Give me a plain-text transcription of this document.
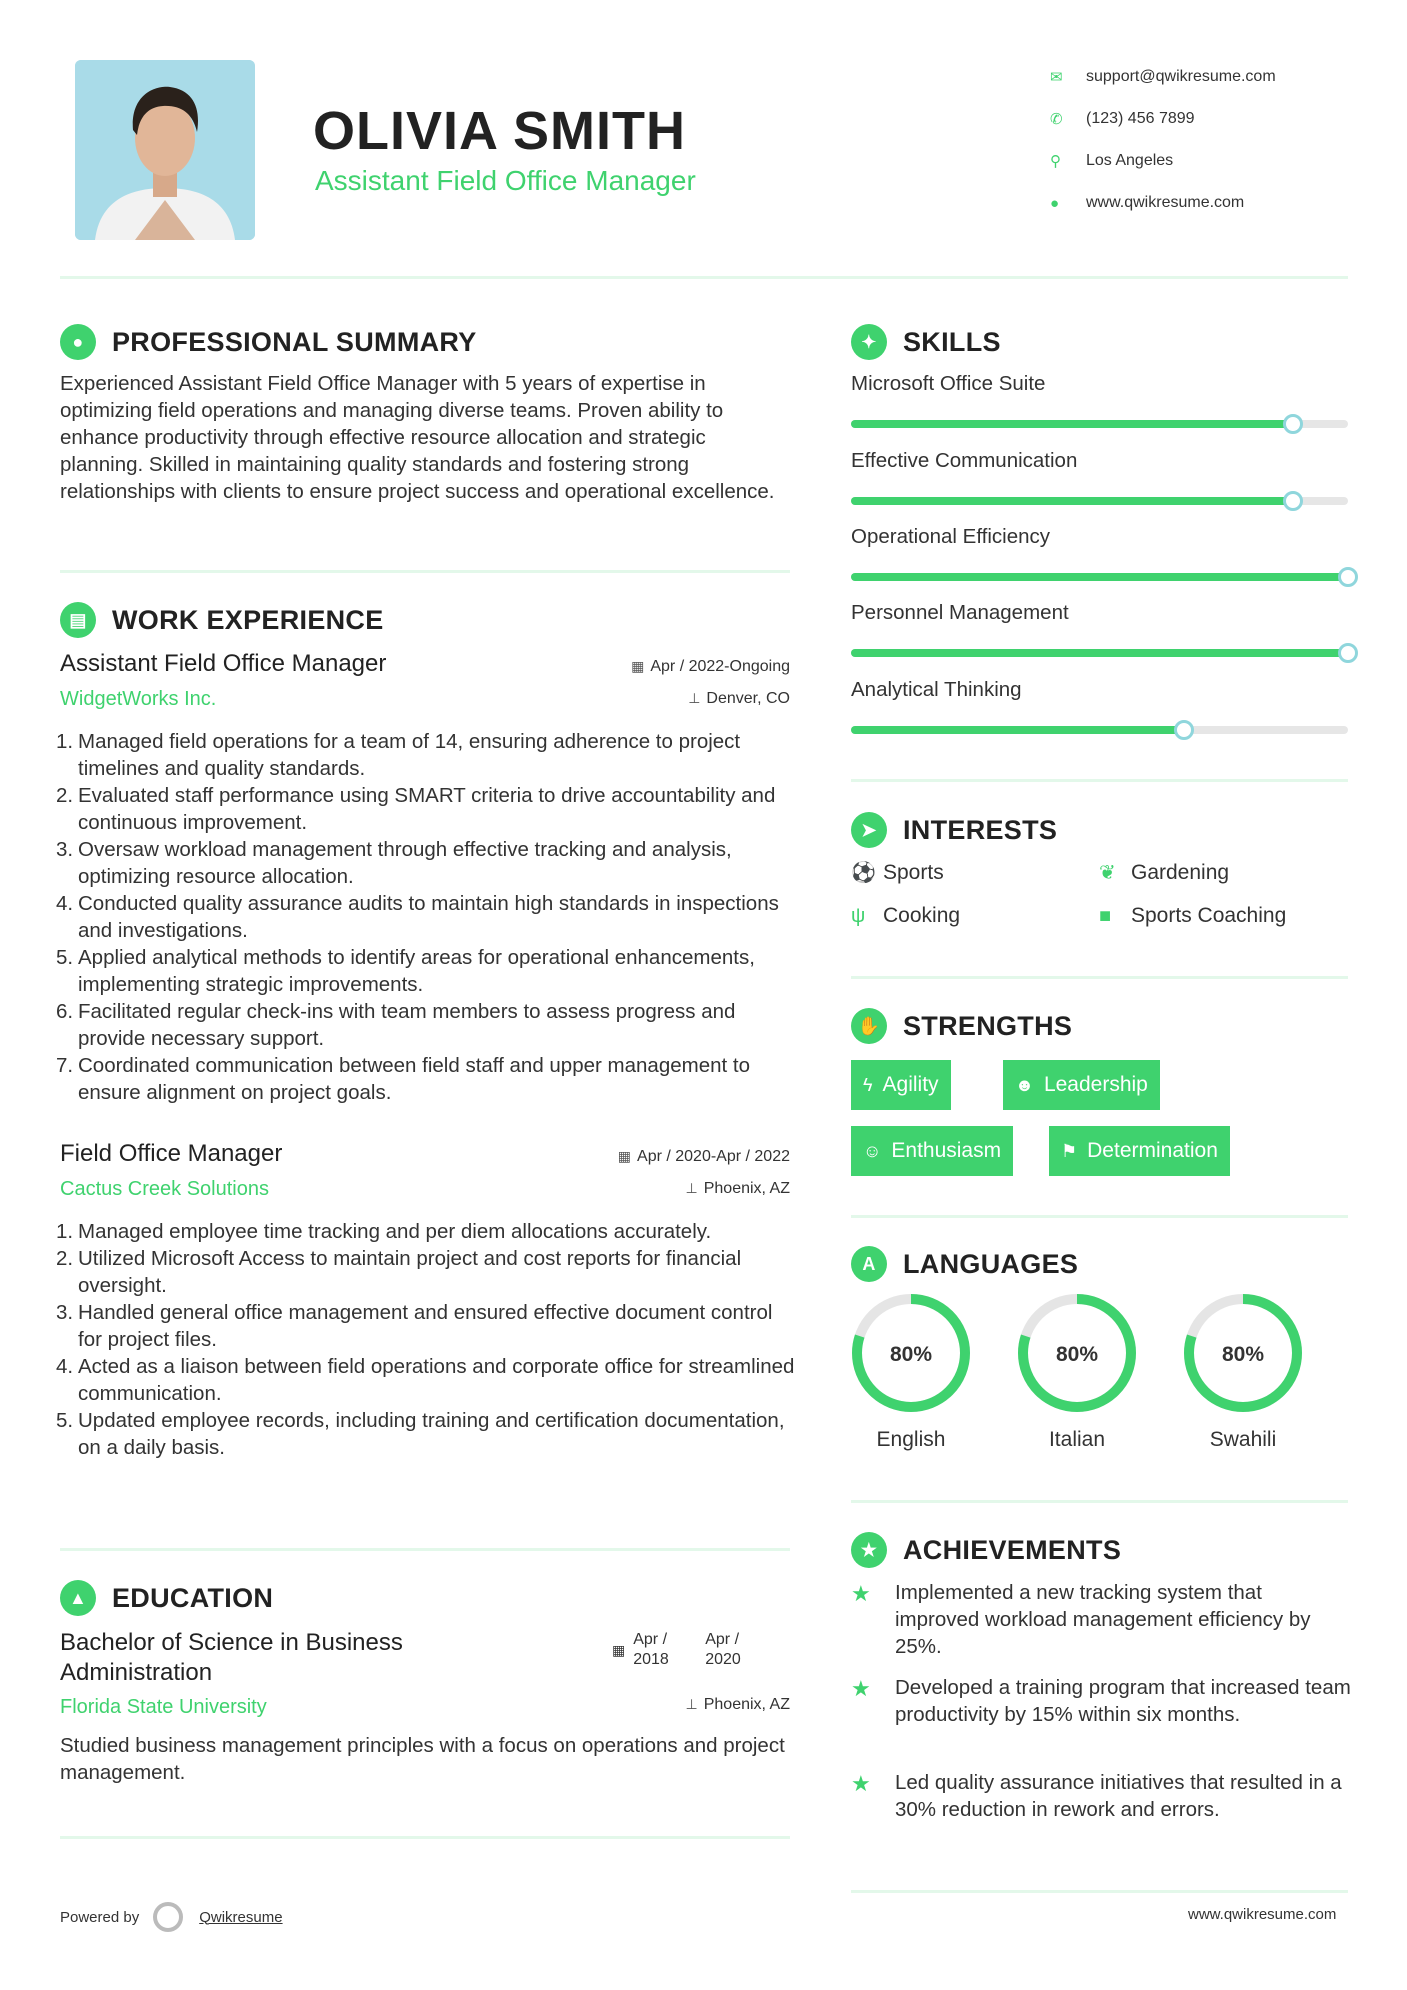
OLIVIA SMITH
Assistant Field Office Manager
✉	support@qwikresume.com
✆	(123) 456 7899
⚲	Los Angeles
●	www.qwikresume.com
●	PROFESSIONAL SUMMARY
Experienced Assistant Field Office Manager with 5 years of expertise in optimizing field operations and managing diverse teams. Proven ability to enhance productivity through effective resource allocation and strategic planning. Skilled in maintaining quality standards and fostering strong relationships with clients to ensure project success and operational excellence.
▤ WORK EXPERIENCE
Assistant Field Office Manager
WidgetWorks Inc.
▦ Apr / 2022-Ongoing
⊥ Denver, CO
Managed field operations for a team of 14, ensuring adherence to project timelines and quality standards.
Evaluated staff performance using SMART criteria to drive accountability and continuous improvement.
Oversaw workload management through effective tracking and analysis, optimizing resource allocation.
Conducted quality assurance audits to maintain high standards in inspections and investigations.
Applied analytical methods to identify areas for operational enhancements, implementing strategic improvements.
Facilitated regular check-ins with team members to assess progress and provide necessary support.
Coordinated communication between field staff and upper management to ensure alignment on project goals.
Field Office Manager
Cactus Creek Solutions
▦ Apr / 2020-Apr / 2022
⊥ Phoenix, AZ
Managed employee time tracking and per diem allocations accurately.
Utilized Microsoft Access to maintain project and cost reports for financial oversight.
Handled general office management and ensured effective document control for project files.
Acted as a liaison between field operations and corporate office for streamlined communication.
Updated employee records, including training and certification documentation, on a daily basis.
▲ EDUCATION
Bachelor of Science in Business Administration
Florida State University
▦
Apr / 2018
Apr / 2020
⊥ Phoenix, AZ
Studied business management principles with a focus on operations and project management.
✦ SKILLS
Microsoft Office Suite
Effective Communication
Operational Efficiency
Personnel Management
Analytical Thinking
➤ INTERESTS
⚽ Sports	❦ Gardening
ψ Cooking	■ Sports Coaching
✋ STRENGTHS
ϟ Agility	☻ Leadership
☺ Enthusiasm	⚑ Determination
A	LANGUAGES
80%
English
80%
Italian
80%
Swahili
★ ACHIEVEMENTS
★	Implemented a new tracking system that improved workload management efficiency by 25%.
★	Developed a training program that increased team productivity by 15% within six months.
★	Led quality assurance initiatives that resulted in a 30% reduction in rework and errors.
Powered by	Qwikresume	www.qwikresume.com
